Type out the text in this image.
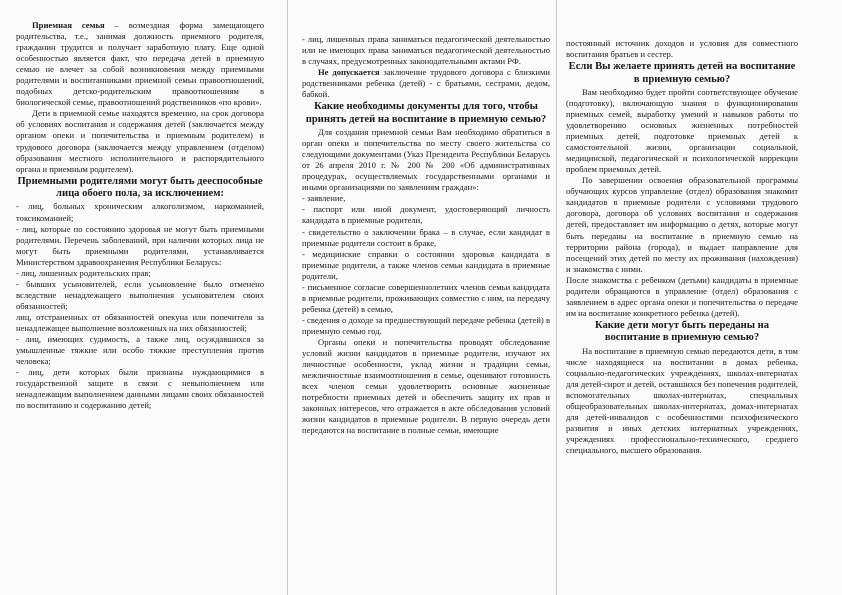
Приемная семья – возмездная форма замещающего родительства, т.е., занимая должность приемного родителя, гражданин трудится и получает заработную плату. Еще одной особенностью является факт, что передача детей в приемную семью не влечет за собой возникновения между приемными родителями и воспитанниками приемной семьи правоотношений, подобных детско-родительским правоотношениям в биологической семье, правоотношений родственников «по крови».

Дети в приемной семье находятся временно, на срок договора об условиях воспитания и содержания детей (заключается между органом опеки и попечительства и приемным родителем) и трудового договора (заключается между управлением (отделом) образования местного исполнительного и распорядительного органа и приемным родителем).

Приемными родителями могут быть дееспособные лица обоего пола, за исключением:

- лиц, больных хроническим алкоголизмом, наркоманией, токсикоманией;

- лиц, которые по состоянию здоровья не могут быть приемными родителями. Перечень заболеваний, при наличии которых лица не могут быть приемными родителями, устанавливается Министерством здравоохранения Республики Беларусь:

- лиц, лишенных родительских прав;

- бывших усыновителей, если усыновление было отменено вследствие ненадлежащего выполнения усыновителем своих обязанностей;

лиц, отстраненных от обязанностей опекуна или попечителя за ненадлежащее выполнение возложенных на них обязанностей;

- лиц, имеющих судимость, а также лиц, осуждавшихся за умышленные тяжкие или особо тяжкие преступления против человека;

- лиц, дети которых были признаны нуждающимися в государственной защите в связи с невыполнением или ненадлежащим выполнением данными лицами своих обязанностей по воспитанию и содержанию детей;

- лиц, лишенных права заниматься педагогической деятельностью или не имеющих права заниматься педагогической деятельностью в случаях, предусмотренных законодательными актами РФ.

Не допускается заключение трудового договора с близкими родственниками ребенка (детей) - с братьями, сестрами, дедом, бабкой.

Какие необходимы документы для того, чтобы принять детей на воспитание в приемную семью?

Для создания приемной семьи Вам необходимо обратиться в орган опеки и попечительства по месту своего жительства со следующими документами (Указ Президента Республики Беларусь от 26 апреля 2010 г. № 200 № 200 «Об административных процедурах, осуществляемых государственными органами и иными организациями по заявлениям граждан»:

- заявление,

- паспорт или иной документ, удостоверяющий личность кандидата в приемные родители,

- свидетельство о заключении брака – в случае, если кандидат в приемные родители состоит в браке,

- медицинские справки о состоянии здоровья кандидата в приемные родители, а также членов семьи кандидата в приемные родители,

- письменное согласие совершеннолетних членов семьи кандидата в приемные родители, проживающих совместно с ним, на передачу ребенка (детей) в семью,

- сведения о доходе за предшествующий передаче ребенка (детей) в приемную семью год.

Органы опеки и попечительства проводят обследование условий жизни кандидатов в приемные родители, изучают их личностные особенности, уклад жизни и традиции семьи, межличностные взаимоотношения в семье, оценивают готовность всех членов семьи удовлетворить основные жизненные потребности приемных детей и обеспечить защиту их прав и законных интересов, что отражается в акте обследования условий жизни кандидатов в приемные родители. В первую очередь дети передаются на воспитание в полные семьи, имеющие

постоянный источник доходов и условия для совместного воспитания братьев и сестер.

Если Вы желаете принять детей на воспитание в приемную семью?

Вам необходимо будет пройти соответствующее обучение (подготовку), включающую знания о функционировании приемных семей, выработку умений и навыков работы по удовлетворению основных жизненных потребностей приемных детей, подготовке приемных детей к самостоятельной жизни, организации социальной, медицинской, педагогической и психологической коррекции проблем приемных детей.

По завершении освоения образовательной программы обучающих курсов управление (отдел) образования знакомит кандидатов в приемные родители с условиями трудового договора, договора об условиях воспитания и содержания детей, предоставляет им информацию о детях, которые могут быть переданы на воспитание в приемную семью на территории района (города), и выдает направление для посещений этих детей по месту их проживания (нахождения) и знакомства с ними.

После знакомства с ребенком (детьми) кандидаты в приемные родители обращаются в управление (отдел) образования с заявлением в адрес органа опеки и попечительства о передаче им на воспитание конкретного ребенка (детей).

Какие дети могут быть переданы на воспитание в приемную семью?

На воспитание в приемную семью передаются дети, в том числе находящиеся на воспитании в домах ребенка, социально-педагогических учреждениях, школах-интернатах для детей-сирот и детей, оставшихся без попечения родителей, вспомогательных школах-интернатах, специальных общеобразовательных школах-интернатах, домах-интернатах для детей-инвалидов с особенностями психофизического развития и иных детских интернатных учреждениях, учреждениях профессионально-технического, среднего специального, высшего образования.
